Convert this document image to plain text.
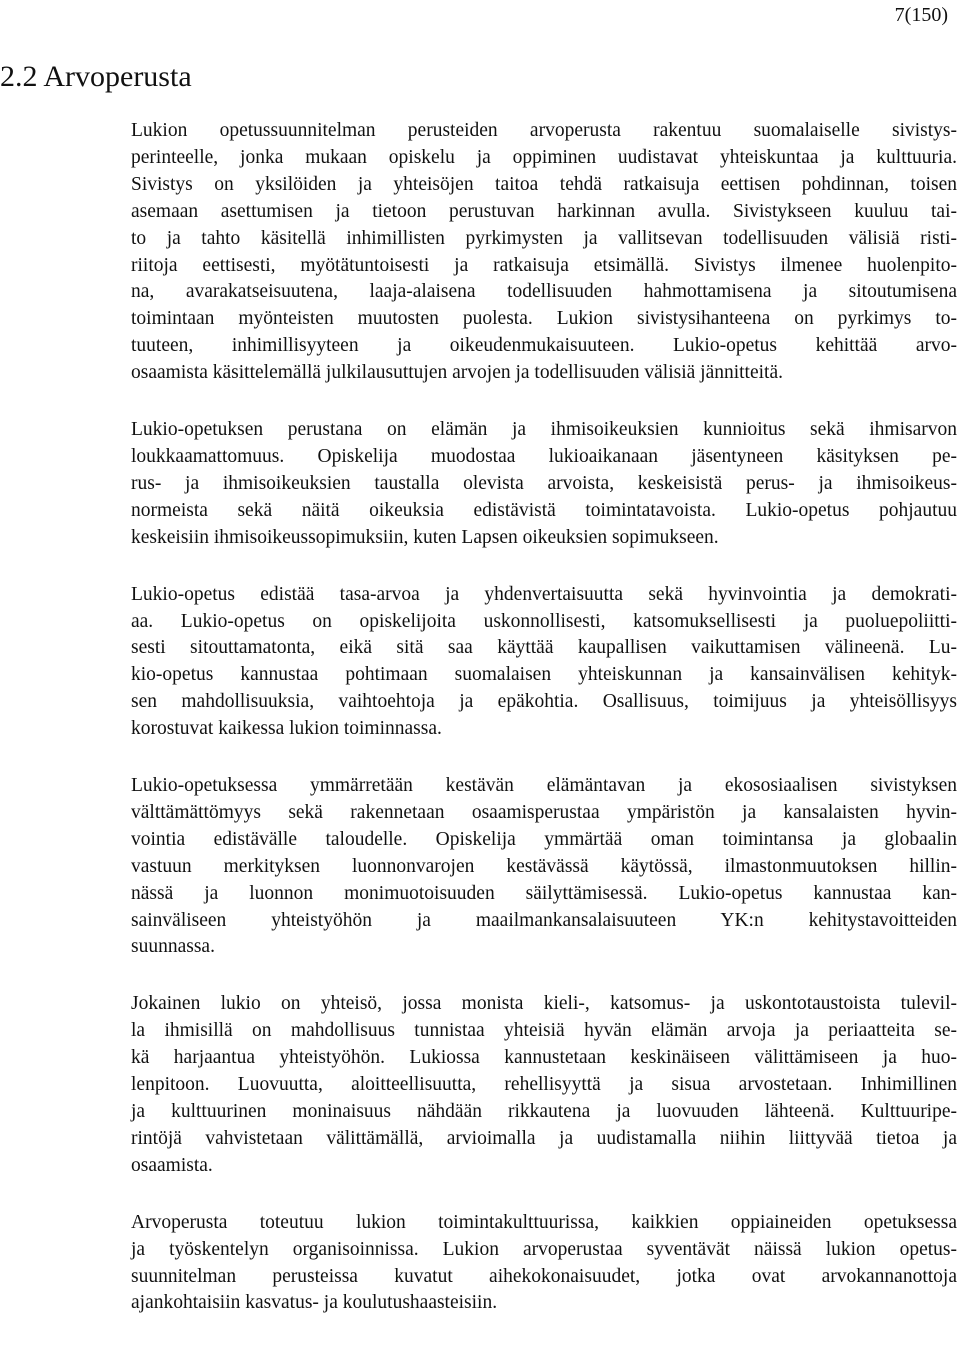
7(150)
2.2 Arvoperusta

Lukion opetussuunnitelman perusteiden arvoperusta rakentuu suomalaiselle sivistys-
perinteelle, jonka mukaan opiskelu ja oppiminen uudistavat yhteiskuntaa ja kulttuuria.
Sivistys on yksilöiden ja yhteisöjen taitoa tehdä ratkaisuja eettisen pohdinnan, toisen
asemaan asettumisen ja tietoon perustuvan harkinnan avulla. Sivistykseen kuuluu tai-
to ja tahto käsitellä inhimillisten pyrkimysten ja vallitsevan todellisuuden välisiä risti-
riitoja eettisesti, myötätuntoisesti ja ratkaisuja etsimällä. Sivistys ilmenee huolenpito-
na, avarakatseisuutena, laaja-alaisena todellisuuden hahmottamisena ja sitoutumisena
toimintaan myönteisten muutosten puolesta. Lukion sivistysihanteena on pyrkimys to-
tuuteen, inhimillisyyteen ja oikeudenmukaisuuteen. Lukio-opetus kehittää arvo-
osaamista käsittelemällä julkilausuttujen arvojen ja todellisuuden välisiä jännitteitä.

Lukio-opetuksen perustana on elämän ja ihmisoikeuksien kunnioitus sekä ihmisarvon
loukkaamattomuus. Opiskelija muodostaa lukioaikanaan jäsentyneen käsityksen pe-
rus- ja ihmisoikeuksien taustalla olevista arvoista, keskeisistä perus- ja ihmisoikeus-
normeista sekä näitä oikeuksia edistävistä toimintatavoista. Lukio-opetus pohjautuu
keskeisiin ihmisoikeussopimuksiin, kuten Lapsen oikeuksien sopimukseen.

Lukio-opetus edistää tasa-arvoa ja yhdenvertaisuutta sekä hyvinvointia ja demokrati-
aa. Lukio-opetus on opiskelijoita uskonnollisesti, katsomuksellisesti ja puoluepoliitti-
sesti sitouttamatonta, eikä sitä saa käyttää kaupallisen vaikuttamisen välineenä. Lu-
kio-opetus kannustaa pohtimaan suomalaisen yhteiskunnan ja kansainvälisen kehityk-
sen mahdollisuuksia, vaihtoehtoja ja epäkohtia. Osallisuus, toimijuus ja yhteisöllisyys
korostuvat kaikessa lukion toiminnassa.

Lukio-opetuksessa ymmärretään kestävän elämäntavan ja ekososiaalisen sivistyksen
välttämättömyys sekä rakennetaan osaamisperustaa ympäristön ja kansalaisten hyvin-
vointia edistävälle taloudelle. Opiskelija ymmärtää oman toimintansa ja globaalin
vastuun merkityksen luonnonvarojen kestävässä käytössä, ilmastonmuutoksen hillin-
nässä ja luonnon monimuotoisuuden säilyttämisessä. Lukio-opetus kannustaa kan-
sainväliseen yhteistyöhön ja maailmankansalaisuuteen YK:n kehitystavoitteiden
suunnassa.

Jokainen lukio on yhteisö, jossa monista kieli-, katsomus- ja uskontotaustoista tulevil-
la ihmisillä on mahdollisuus tunnistaa yhteisiä hyvän elämän arvoja ja periaatteita se-
kä harjaantua yhteistyöhön. Lukiossa kannustetaan keskinäiseen välittämiseen ja huo-
lenpitoon. Luovuutta, aloitteellisuutta, rehellisyyttä ja sisua arvostetaan. Inhimillinen
ja kulttuurinen moninaisuus nähdään rikkautena ja luovuuden lähteenä. Kulttuuripe-
rintöjä vahvistetaan välittämällä, arvioimalla ja uudistamalla niihin liittyvää tietoa ja
osaamista.

Arvoperusta toteutuu lukion toimintakulttuurissa, kaikkien oppiaineiden opetuksessa
ja työskentelyn organisoinnissa. Lukion arvoperustaa syventävät näissä lukion opetus-
suunnitelman perusteissa kuvatut aihekokonaisuudet, jotka ovat arvokannanottoja
ajankohtaisiin kasvatus- ja koulutushaasteisiin.
